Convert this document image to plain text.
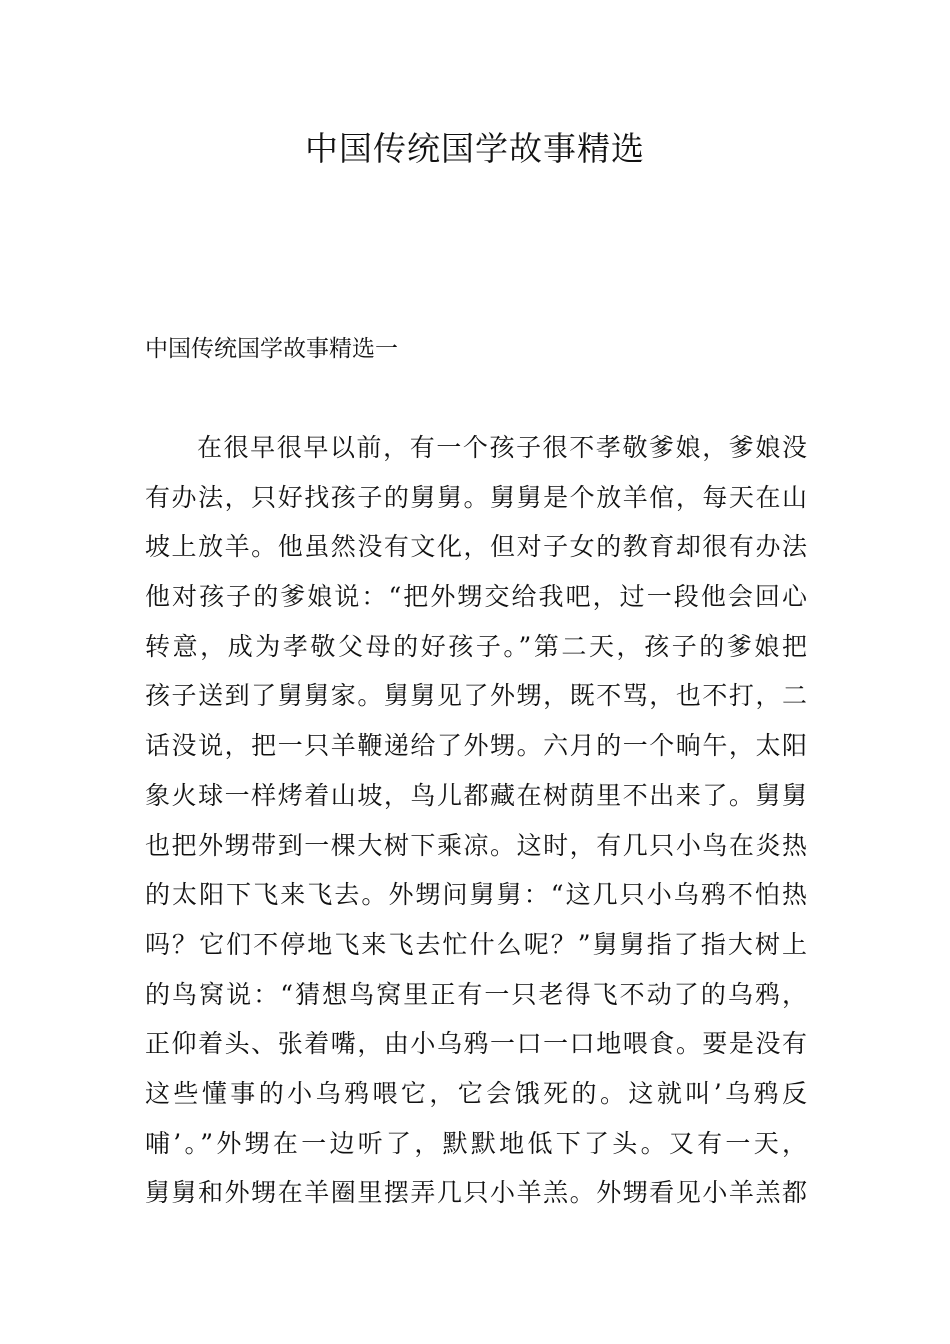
中国传统国学故事精选
中国传统国学故事精选一
在很早很早以前，有一个孩子很不孝敬爹娘，爹娘没
有办法，只好找孩子的舅舅。舅舅是个放羊倌，每天在山
坡上放羊。他虽然没有文化，但对子女的教育却很有办法
他对孩子的爹娘说：“把外甥交给我吧，过一段他会回心
转意，成为孝敬父母的好孩子。”第二天，孩子的爹娘把
孩子送到了舅舅家。舅舅见了外甥，既不骂，也不打，二
话没说，把一只羊鞭递给了外甥。六月的一个晌午，太阳
象火球一样烤着山坡，鸟儿都藏在树荫里不出来了。舅舅
也把外甥带到一棵大树下乘凉。这时，有几只小鸟在炎热
的太阳下飞来飞去。外甥问舅舅：“这几只小乌鸦不怕热
吗？它们不停地飞来飞去忙什么呢？”舅舅指了指大树上
的鸟窝说：“猜想鸟窝里正有一只老得飞不动了的乌鸦，
正仰着头、张着嘴，由小乌鸦一口一口地喂食。要是没有
这些懂事的小乌鸦喂它，它会饿死的。这就叫’乌鸦反
哺’。”外甥在一边听了，默默地低下了头。又有一天，
舅舅和外甥在羊圈里摆弄几只小羊羔。外甥看见小羊羔都
